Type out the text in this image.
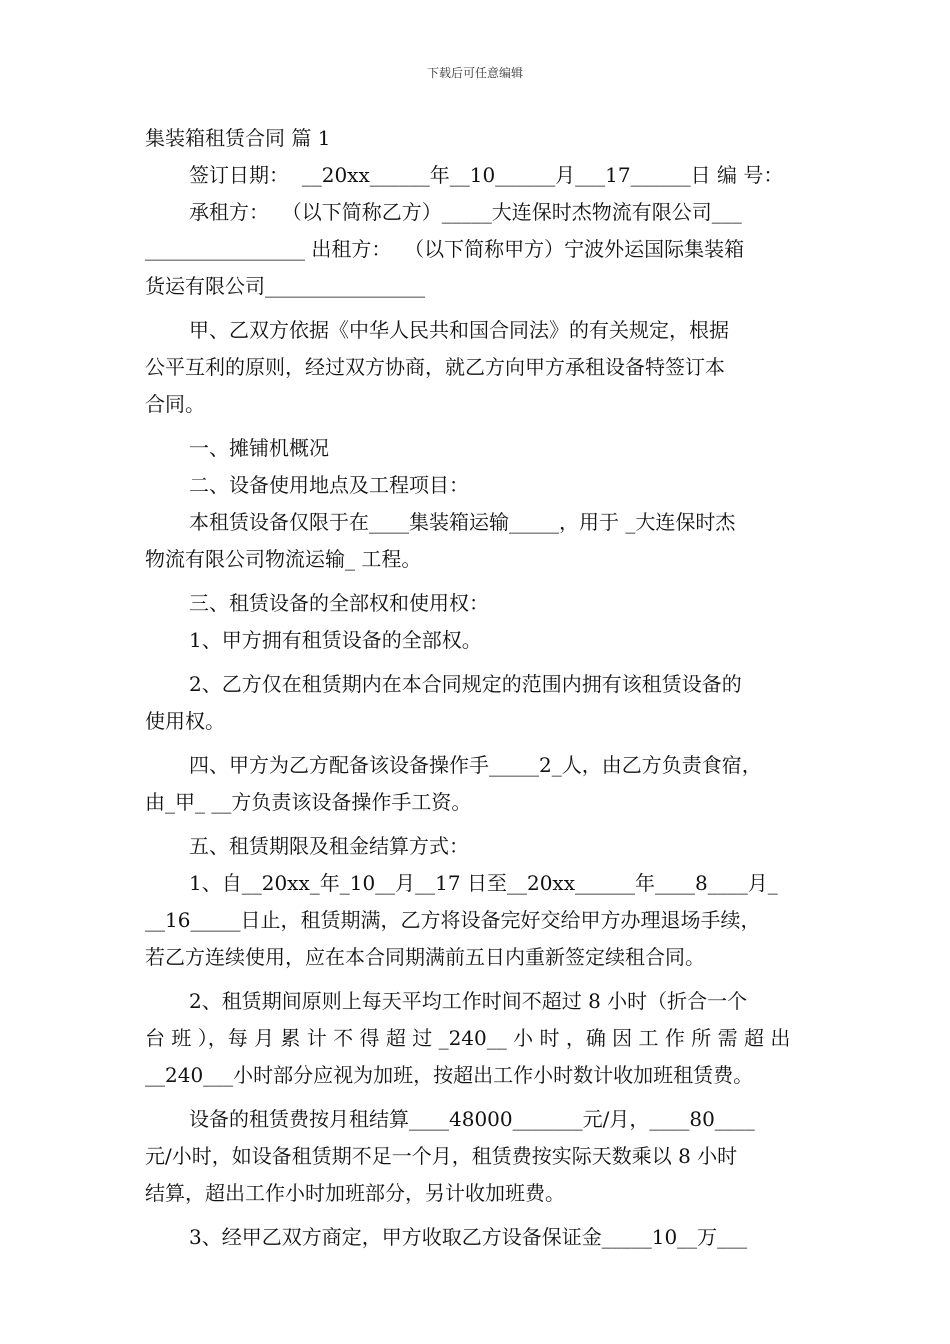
下载后可任意编辑
集装箱租赁合同 篇 1
签订日期：  __20xx______年__10______月___17______日 编 号：
承租方：  （以下简称乙方）_____大连保时杰物流有限公司___
________________ 出租方：  （以下简称甲方）宁波外运国际集装箱
货运有限公司________________
甲、乙双方依据《中华人民共和国合同法》的有关规定，根据
公平互利的原则，经过双方协商，就乙方向甲方承租设备特签订本
合同。
一、摊铺机概况
二、设备使用地点及工程项目：
本租赁设备仅限于在____集装箱运输_____，用于 _大连保时杰
物流有限公司物流运输_ 工程。
三、租赁设备的全部权和使用权：
1、甲方拥有租赁设备的全部权。
2、乙方仅在租赁期内在本合同规定的范围内拥有该租赁设备的
使用权。
四、甲方为乙方配备该设备操作手_____2_人，由乙方负责食宿，
由_甲_ __方负责该设备操作手工资。
五、租赁期限及租金结算方式：
1、自__20xx_年_10__月__17 日至__20xx______年____8____月_
__16_____日止，租赁期满，乙方将设备完好交给甲方办理退场手续，
若乙方连续使用，应在本合同期满前五日内重新签定续租合同。
2、租赁期间原则上每天平均工作时间不超过 8 小时（折合一个
台 班 ），每 月 累 计 不 得 超 过 _240__ 小 时 ，确 因 工 作 所 需 超 出
__240___小时部分应视为加班，按超出工作小时数计收加班租赁费。
设备的租赁费按月租结算____48000_______元/月，____80____
元/小时，如设备租赁期不足一个月，租赁费按实际天数乘以 8 小时
结算，超出工作小时加班部分，另计收加班费。
3、经甲乙双方商定，甲方收取乙方设备保证金_____10__万___
